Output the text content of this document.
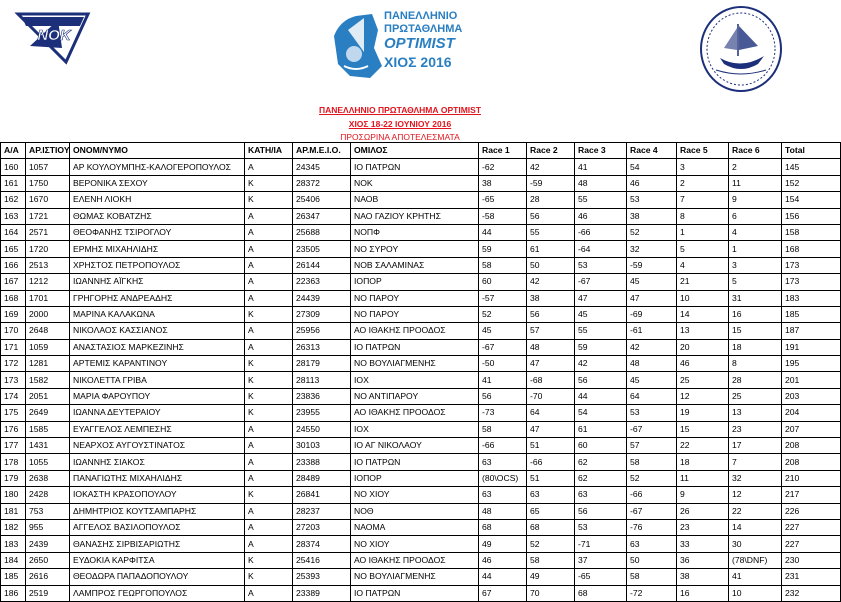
NOK
ΠΑΝΕΛΛΗΝΙΟ
ΠΡΩΤΑΘΛΗΜΑ
OPTIMIST
ΧΙΟΣ 2016
ΠΑΝΕΛΛΗΝΙΟ ΠΡΩΤΑΘΛΗΜΑ OPTIMIST
ΧΙΟΣ 18-22 ΙΟΥΝΙΟΥ 2016
ΠΡΟΣΩΡΙΝΑ ΑΠΟΤΕΛΕΣΜΑΤΑ
Α/Α	ΑΡ.ΙΣΤΙΟΥ	ΟΝΟΜ/ΝΥΜΟ	ΚΑΤΗ/ΙΑ	ΑΡ.Μ.Ε.Ι.Ο.	ΟΜΙΛΟΣ	Race 1	Race 2	Race 3	Race 4	Race 5	Race 6	Total
160	1057	ΑΡ ΚΟΥΛΟΥΜΠΗΣ-ΚΑΛΟΓΕΡΟΠΟΥΛΟΣ	Α	24345	ΙΟ ΠΑΤΡΩΝ	-62	42	41	54	3	2	145
161	1750	ΒΕΡΟΝΙΚΑ ΣΕΧΟΥ	Κ	28372	ΝΟΚ	38	-59	48	46	2	11	152
162	1670	ΕΛΕΝΗ ΛΙΟΚΗ	Κ	25406	ΝΑΟΒ	-65	28	55	53	7	9	154
163	1721	ΘΩΜΑΣ ΚΟΒΑΤΖΗΣ	Α	26347	ΝΑΟ ΓΑΖΙΟΥ ΚΡΗΤΗΣ	-58	56	46	38	8	6	156
164	2571	ΘΕΟΦΑΝΗΣ ΤΣΙΡΟΓΛΟΥ	Α	25688	ΝΟΠΦ	44	55	-66	52	1	4	158
165	1720	ΕΡΜΗΣ ΜΙΧΑΗΛΙΔΗΣ	Α	23505	ΝΟ ΣΥΡΟΥ	59	61	-64	32	5	1	168
166	2513	ΧΡΗΣΤΟΣ ΠΕΤΡΟΠΟΥΛΟΣ	Α	26144	ΝΟΒ ΣΑΛΑΜΙΝΑΣ	58	50	53	-59	4	3	173
167	1212	ΙΩΑΝΝΗΣ ΑΪΓΚΗΣ	Α	22363	ΙΟΠΟΡ	60	42	-67	45	21	5	173
168	1701	ΓΡΗΓΟΡΗΣ ΑΝΔΡΕΑΔΗΣ	Α	24439	ΝΟ ΠΑΡΟΥ	-57	38	47	47	10	31	183
169	2000	ΜΑΡΙΝΑ ΚΑΛΑΚΩΝΑ	Κ	27309	ΝΟ ΠΑΡΟΥ	52	56	45	-69	14	16	185
170	2648	ΝΙΚΟΛΑΟΣ ΚΑΣΣΙΑΝΟΣ	Α	25956	ΑΟ ΙΘΑΚΗΣ ΠΡΟΟΔΟΣ	45	57	55	-61	13	15	187
171	1059	ΑΝΑΣΤΑΣΙΟΣ ΜΑΡΚΕΖΙΝΗΣ	Α	26313	ΙΟ ΠΑΤΡΩΝ	-67	48	59	42	20	18	191
172	1281	ΑΡΤΕΜΙΣ ΚΑΡΑΝΤΙΝΟΥ	Κ	28179	ΝΟ ΒΟΥΛΙΑΓΜΕΝΗΣ	-50	47	42	48	46	8	195
173	1582	ΝΙΚΟΛΕΤΤΑ ΓΡΙΒΑ	Κ	28113	ΙΟΧ	41	-68	56	45	25	28	201
174	2051	ΜΑΡΙΑ ΦΑΡΟΥΠΟΥ	Κ	23836	ΝΟ ΑΝΤΙΠΑΡΟΥ	56	-70	44	64	12	25	203
175	2649	ΙΩΑΝΝΑ ΔΕΥΤΕΡΑΙΟΥ	Κ	23955	ΑΟ ΙΘΑΚΗΣ ΠΡΟΟΔΟΣ	-73	64	54	53	19	13	204
176	1585	ΕΥΑΓΓΕΛΟΣ ΛΕΜΠΕΣΗΣ	Α	24550	ΙΟΧ	58	47	61	-67	15	23	207
177	1431	ΝΕΑΡΧΟΣ ΑΥΓΟΥΣΤΙΝΑΤΟΣ	Α	30103	ΙΟ ΑΓ ΝΙΚΟΛΑΟΥ	-66	51	60	57	22	17	208
178	1055	ΙΩΑΝΝΗΣ ΣΙΑΚΟΣ	Α	23388	ΙΟ ΠΑΤΡΩΝ	63	-66	62	58	18	7	208
179	2638	ΠΑΝΑΓΙΩΤΗΣ ΜΙΧΑΗΛΙΔΗΣ	Α	28489	ΙΟΠΟΡ	(80\OCS)	51	62	52	11	32	210
180	2428	ΙΟΚΑΣΤΗ ΚΡΑΣΟΠΟΥΛΟΥ	Κ	26841	ΝΟ ΧΙΟΥ	63	63	63	-66	9	12	217
181	753	ΔΗΜΗΤΡΙΟΣ ΚΟΥΤΣΑΜΠΑΡΗΣ	Α	28237	ΝΟΘ	48	65	56	-67	26	22	226
182	955	ΑΓΓΕΛΟΣ ΒΑΣΙΛΟΠΟΥΛΟΣ	Α	27203	ΝΑΟΜΑ	68	68	53	-76	23	14	227
183	2439	ΘΑΝΑΣΗΣ ΣΙΡΒΙΣΑΡΙΩΤΗΣ	Α	28374	ΝΟ ΧΙΟΥ	49	52	-71	63	33	30	227
184	2650	ΕΥΔΟΚΙΑ ΚΑΡΦΙΤΣΑ	Κ	25416	ΑΟ ΙΘΑΚΗΣ ΠΡΟΟΔΟΣ	46	58	37	50	36	(78\DNF)	230
185	2616	ΘΕΟΔΩΡΑ ΠΑΠΑΔΟΠΟΥΛΟΥ	Κ	25393	ΝΟ ΒΟΥΛΙΑΓΜΕΝΗΣ	44	49	-65	58	38	41	231
186	2519	ΛΑΜΠΡΟΣ ΓΕΩΡΓΟΠΟΥΛΟΣ	Α	23389	ΙΟ ΠΑΤΡΩΝ	67	70	68	-72	16	10	232
